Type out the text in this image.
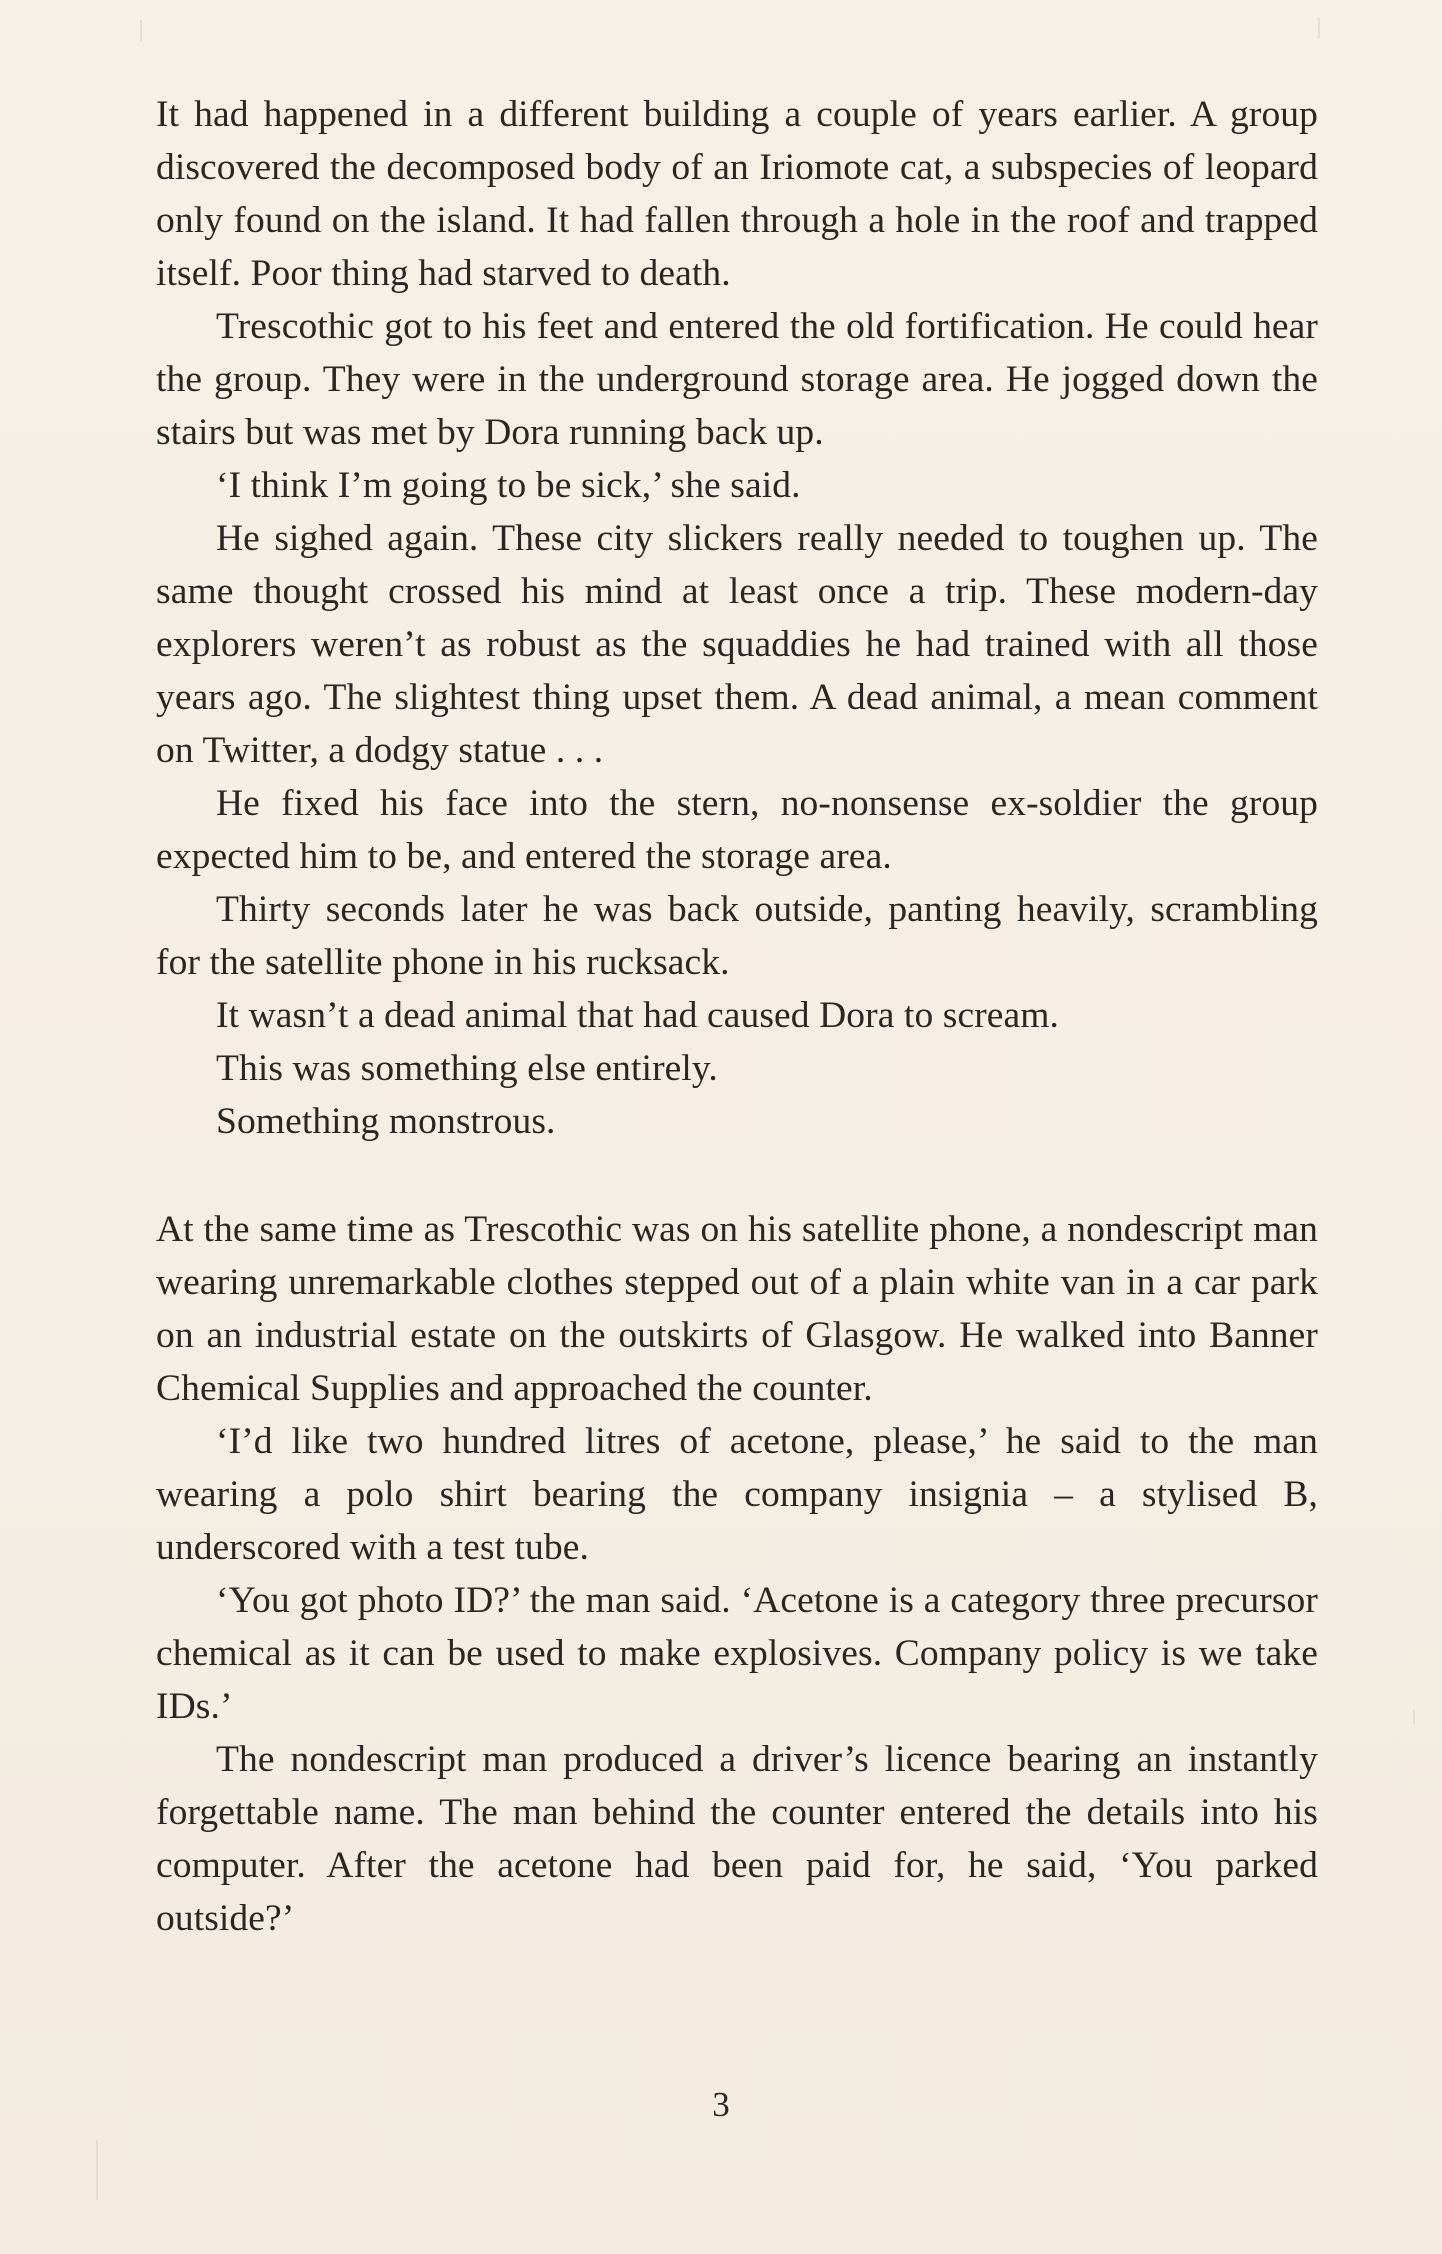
It had happened in a different building a couple of years earlier. A group discovered the decomposed body of an Iriomote cat, a subspecies of leopard only found on the island. It had fallen through a hole in the roof and trapped itself. Poor thing had starved to death.

Trescothic got to his feet and entered the old fortification. He could hear the group. They were in the underground storage area. He jogged down the stairs but was met by Dora running back up.

‘I think I’m going to be sick,’ she said.

He sighed again. These city slickers really needed to toughen up. The same thought crossed his mind at least once a trip. These modern-day explorers weren’t as robust as the squaddies he had trained with all those years ago. The slightest thing upset them. A dead animal, a mean comment on Twitter, a dodgy statue . . .

He fixed his face into the stern, no-nonsense ex-soldier the group expected him to be, and entered the storage area.

Thirty seconds later he was back outside, panting heavily, scrambling for the satellite phone in his rucksack.

It wasn’t a dead animal that had caused Dora to scream.

This was something else entirely.

Something monstrous.

At the same time as Trescothic was on his satellite phone, a nondescript man wearing unremarkable clothes stepped out of a plain white van in a car park on an industrial estate on the outskirts of Glasgow. He walked into Banner Chemical Supplies and approached the counter.

‘I’d like two hundred litres of acetone, please,’ he said to the man wearing a polo shirt bearing the company insignia – a stylised B, underscored with a test tube.

‘You got photo ID?’ the man said. ‘Acetone is a category three precursor chemical as it can be used to make explosives. Company policy is we take IDs.’

The nondescript man produced a driver’s licence bearing an instantly forgettable name. The man behind the counter entered the details into his computer. After the acetone had been paid for, he said, ‘You parked outside?’

3
